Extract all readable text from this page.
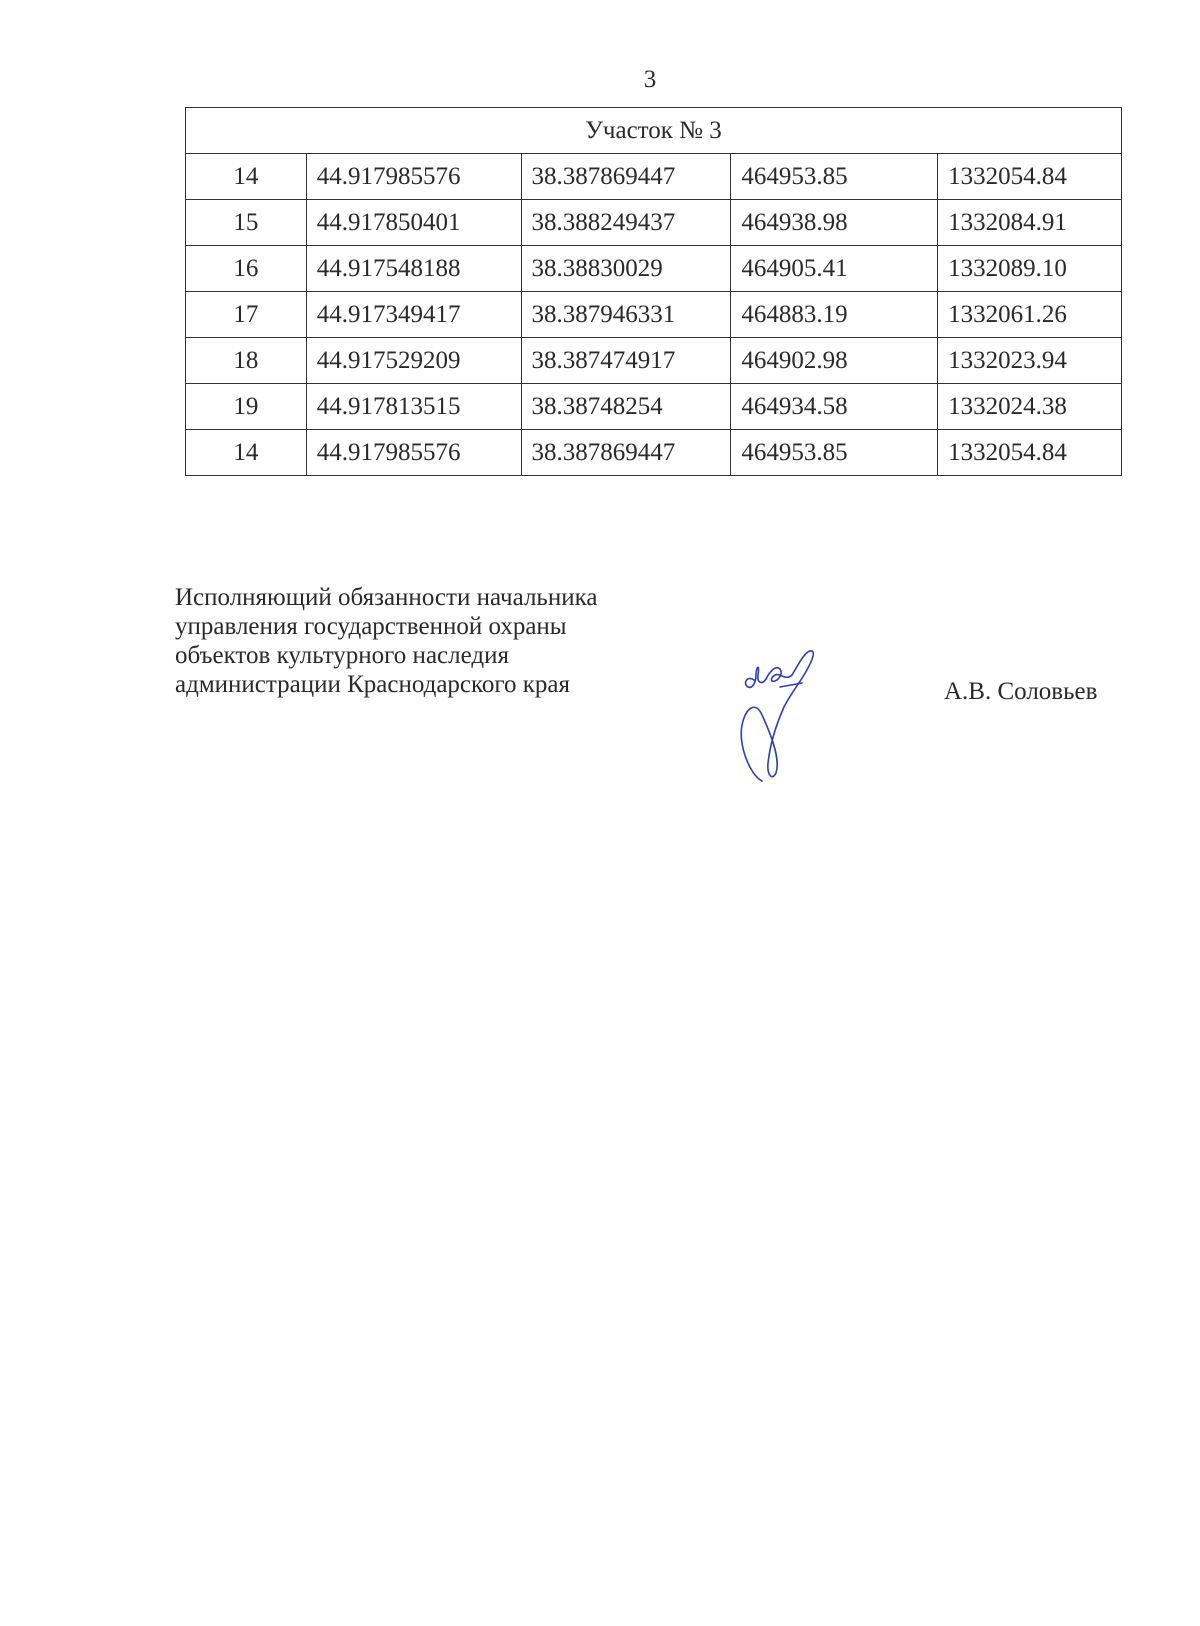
3
Участок № 3				
14	44.917985576	38.387869447	464953.85	1332054.84
15	44.917850401	38.388249437	464938.98	1332084.91
16	44.917548188	38.38830029	464905.41	1332089.10
17	44.917349417	38.387946331	464883.19	1332061.26
18	44.917529209	38.387474917	464902.98	1332023.94
19	44.917813515	38.38748254	464934.58	1332024.38
14	44.917985576	38.387869447	464953.85	1332054.84
Исполняющий обязанности начальника
управления государственной охраны
объектов культурного наследия
администрации Краснодарского края	А.В. Соловьев
